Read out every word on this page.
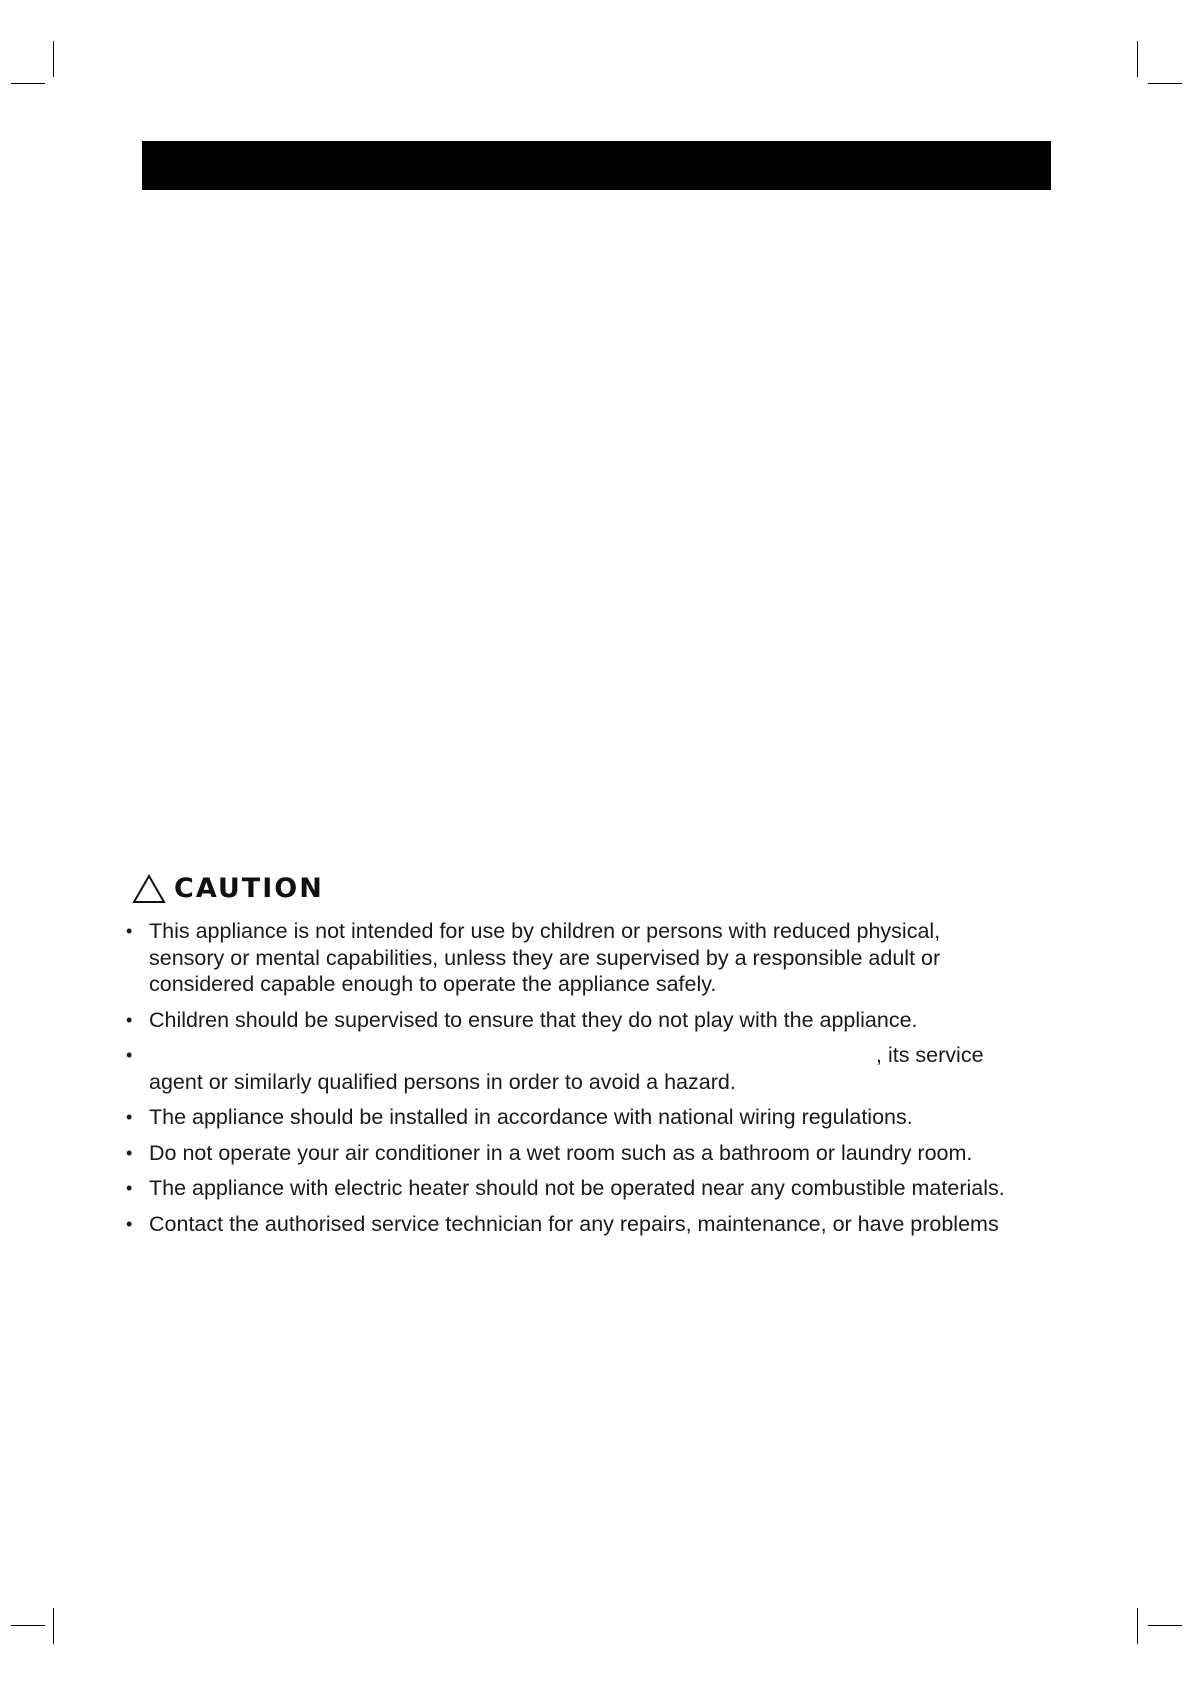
CAUTION
• This appliance is not intended for use by children or persons with reduced physical,
sensory or mental capabilities, unless they are supervised by a responsible adult or
considered capable enough to operate the appliance safely.
• Children should be supervised to ensure that they do not play with the appliance.
•	, its service
agent or similarly qualified persons in order to avoid a hazard.
• The appliance should be installed in accordance with national wiring regulations.
• Do not operate your air conditioner in a wet room such as a bathroom or laundry room.
• The appliance with electric heater should not be operated near any combustible materials.
• Contact the authorised service technician for any repairs, maintenance, or have problems
